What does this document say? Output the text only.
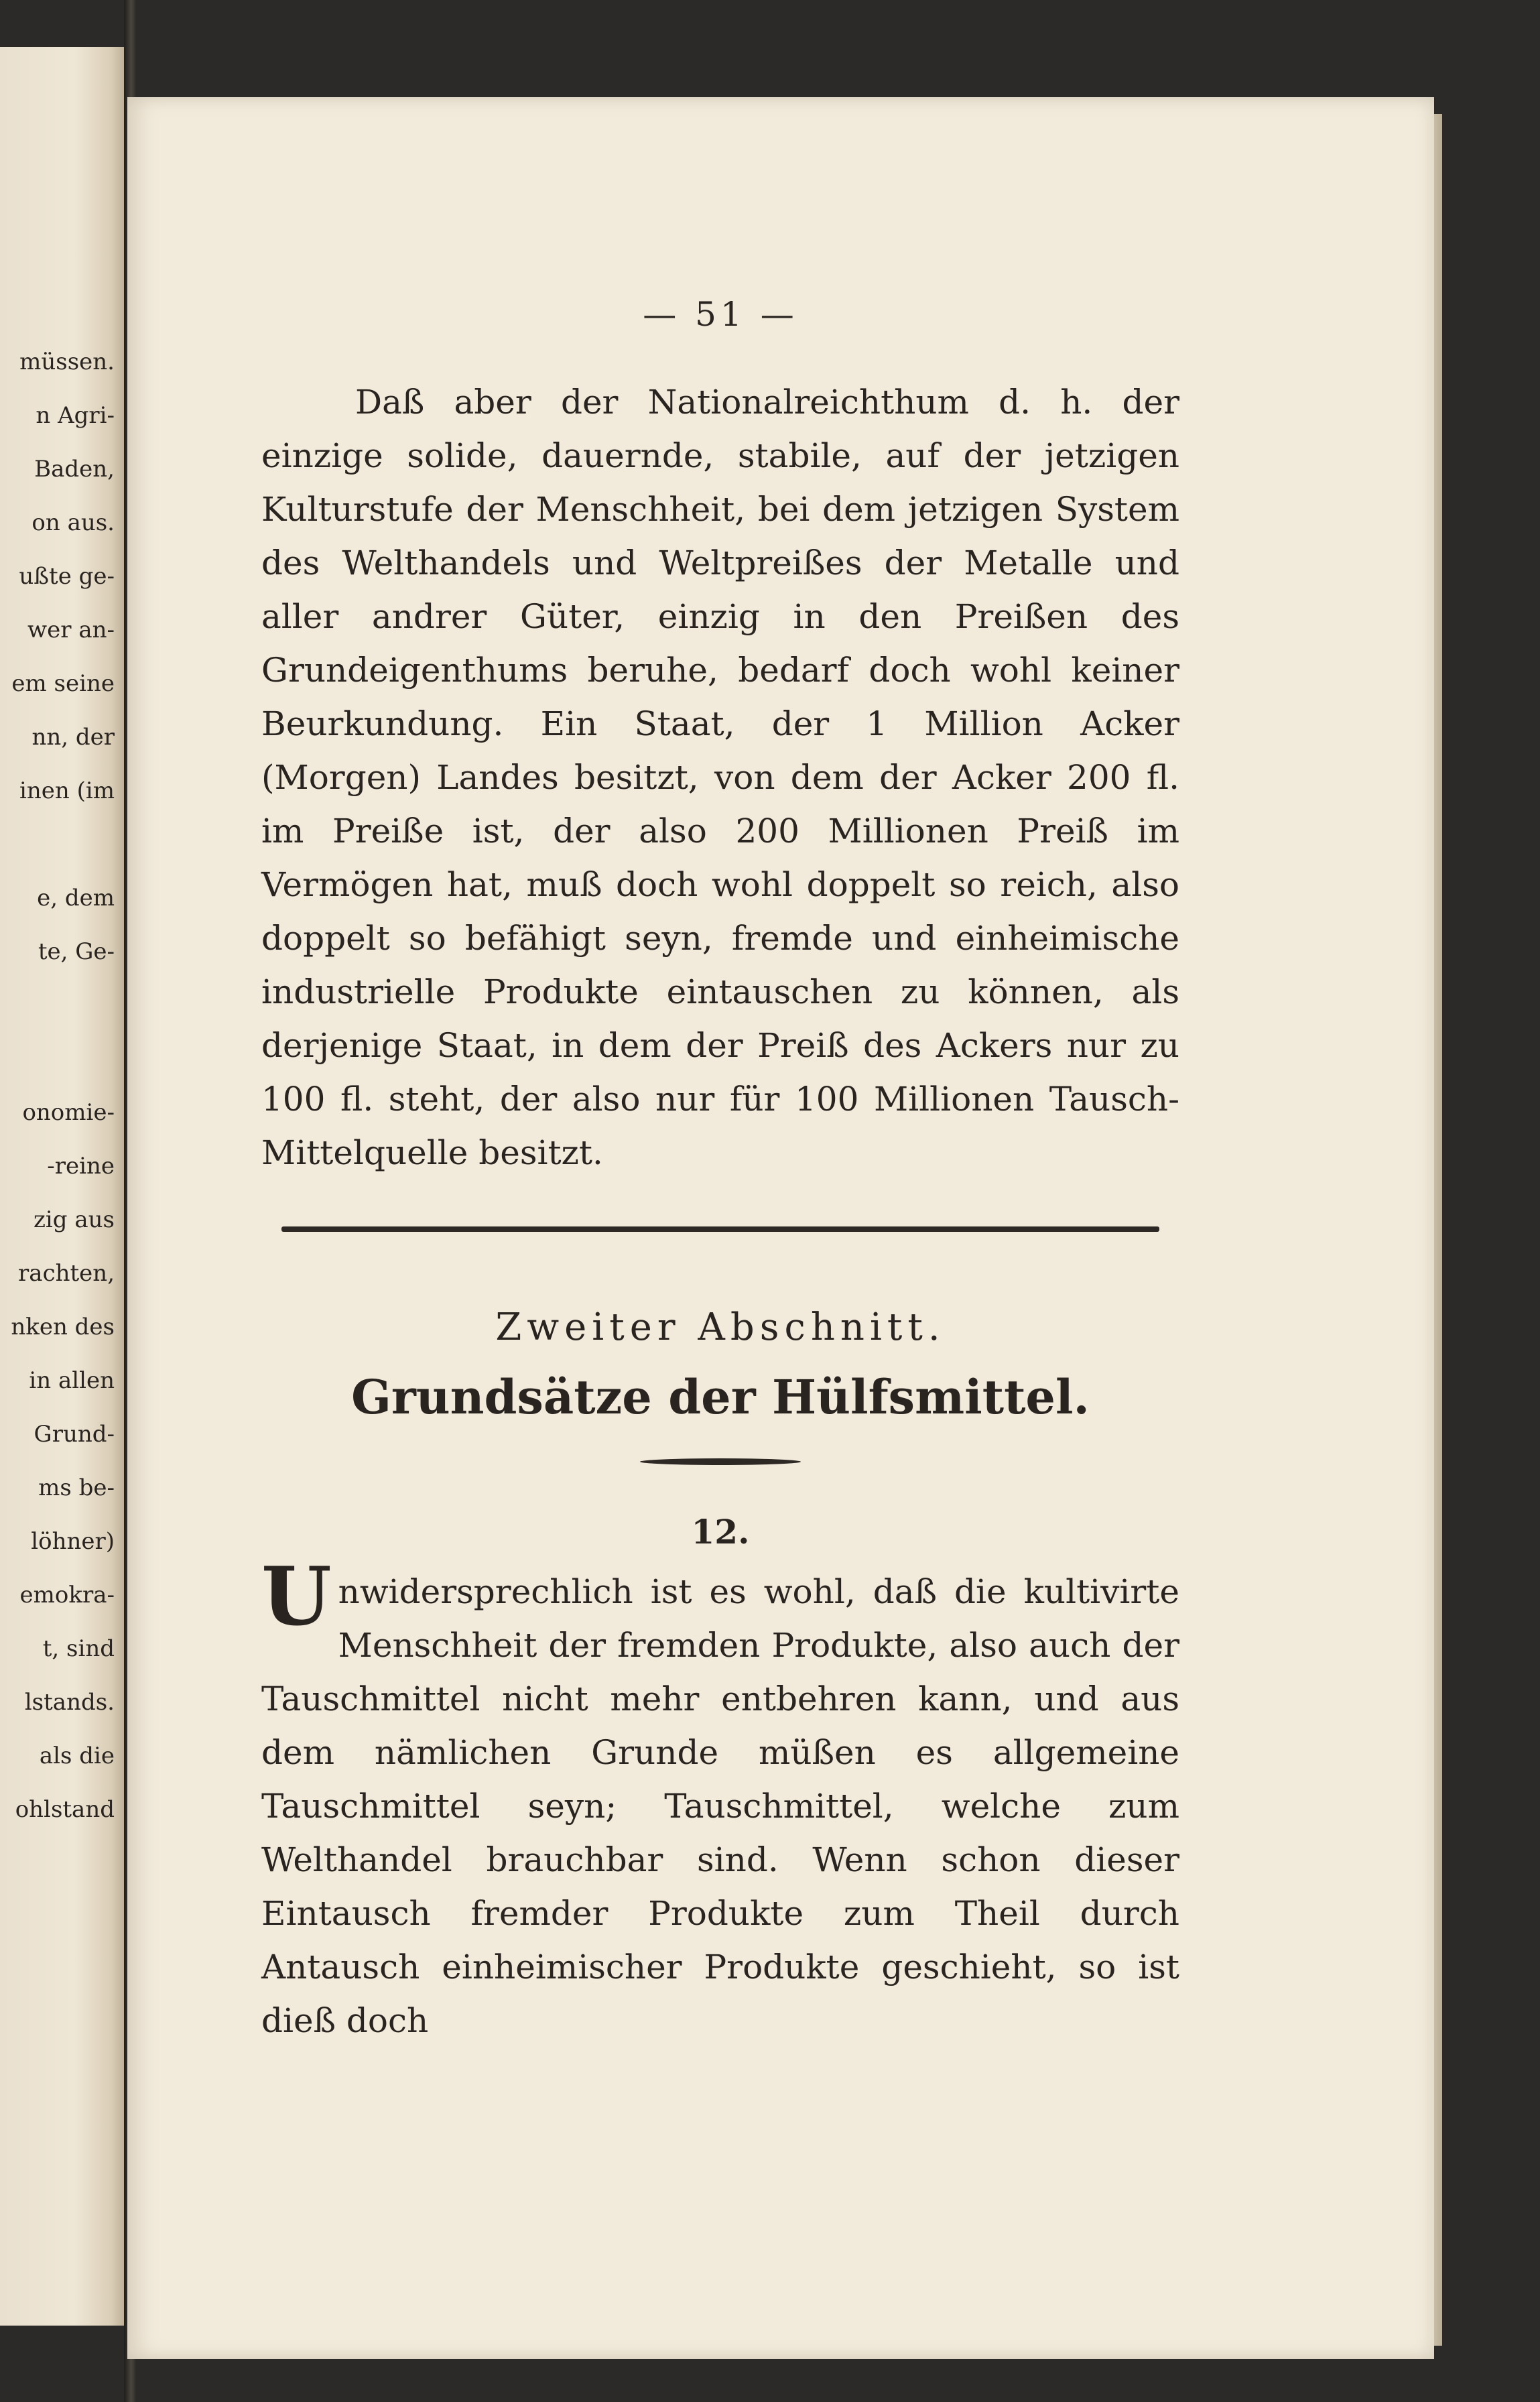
müssen.
n Agri-
Baden,
on aus.
ußte ge-
wer an-
em seine
nn, der
inen (im
e, dem
te, Ge-
onomie-
-reine
zig aus
rachten,
nken des
in allen
Grund-
ms be-
löhner)
emokra-
t, sind
lstands.
als die
ohlstand
— 51 —

Daß aber der Nationalreichthum d. h. der einzige solide, dauernde, stabile, auf der jetzigen Kulturstufe der Menschheit, bei dem jetzigen System des Welthandels und Weltpreißes der Metalle und aller andrer Güter, einzig in den Preißen des Grundeigenthums beruhe, bedarf doch wohl keiner Beurkundung. Ein Staat, der 1 Million Acker (Morgen) Landes besitzt, von dem der Acker 200 fl. im Preiße ist, der also 200 Millionen Preiß im Vermögen hat, muß doch wohl doppelt so reich, also doppelt so befähigt seyn, fremde und einheimische industrielle Produkte eintauschen zu können, als derjenige Staat, in dem der Preiß des Ackers nur zu 100 fl. steht, der also nur für 100 Millionen Tausch-Mittelquelle besitzt.

Zweiter Abschnitt.
Grundsätze der Hülfsmittel.
12.

Unwidersprechlich ist es wohl, daß die kultivirte Menschheit der fremden Produkte, also auch der Tauschmittel nicht mehr entbehren kann, und aus dem nämlichen Grunde müßen es allgemeine Tauschmittel seyn; Tauschmittel, welche zum Welthandel brauchbar sind. Wenn schon dieser Eintausch fremder Produkte zum Theil durch Antausch einheimischer Produkte geschieht, so ist dieß doch
